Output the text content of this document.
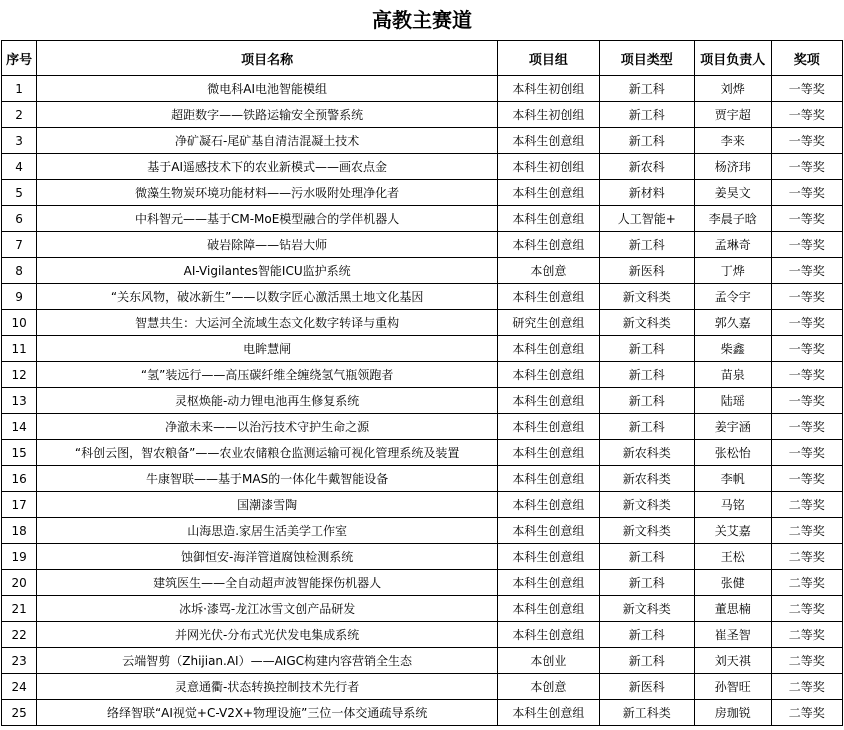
高教主赛道
序号	项目名称	项目组	项目类型	项目负责人	奖项
1	微电科AI电池智能模组	本科生初创组	新工科	刘烨	一等奖
2	超距数字——铁路运输安全预警系统	本科生初创组	新工科	贾宇超	一等奖
3	净矿凝石-尾矿基自清洁混凝土技术	本科生创意组	新工科	李来	一等奖
4	基于AI遥感技术下的农业新模式——画农点金	本科生初创组	新农科	杨济玮	一等奖
5	微藻生物炭环境功能材料——污水吸附处理净化者	本科生创意组	新材料	姜昊文	一等奖
6	中科智元——基于CM-MoE模型融合的学伴机器人	本科生创意组	人工智能+	李晨子晗	一等奖
7	破岩除障——钻岩大师	本科生创意组	新工科	孟琳奇	一等奖
8	AI-Vigilantes智能ICU监护系统	本创意	新医科	丁烨	一等奖
9	“关东风物，破冰新生”——以数字匠心激活黑土地文化基因	本科生创意组	新文科类	孟令宇	一等奖
10	智慧共生：大运河全流域生态文化数字转译与重构	研究生创意组	新文科类	郭久嘉	一等奖
11	电眸慧闸	本科生创意组	新工科	柴鑫	一等奖
12	“氢”装远行——高压碳纤维全缠绕氢气瓶领跑者	本科生创意组	新工科	苗泉	一等奖
13	灵枢焕能-动力锂电池再生修复系统	本科生创意组	新工科	陆瑶	一等奖
14	净澈未来——以治污技术守护生命之源	本科生创意组	新工科	姜宇涵	一等奖
15	“科创云图，智农粮备”——农业农储粮仓监测运输可视化管理系统及装置	本科生创意组	新农科类	张松怡	一等奖
16	牛康智联——基于MAS的一体化牛戴智能设备	本科生创意组	新农科类	李帆	一等奖
17	国潮漆雪陶	本科生创意组	新文科类	马铭	二等奖
18	山海思造.家居生活美学工作室	本科生创意组	新文科类	关艾嘉	二等奖
19	蚀御恒安-海洋管道腐蚀检测系统	本科生创意组	新工科	王松	二等奖
20	建筑医生——全自动超声波智能探伤机器人	本科生创意组	新工科	张健	二等奖
21	冰坼·漆骂-龙江冰雪文创产品研发	本科生创意组	新文科类	董思楠	二等奖
22	并网光伏-分布式光伏发电集成系统	本科生创意组	新工科	崔圣智	二等奖
23	云端智剪（Zhijian.AI）——AIGC构建内容营销全生态	本创业	新工科	刘天祺	二等奖
24	灵意通衢-状态转换控制技术先行者	本创意	新医科	孙智旺	二等奖
25	络绎智联“AI视觉+C-V2X+物理设施”三位一体交通疏导系统	本科生创意组	新工科类	房珈锐	二等奖
